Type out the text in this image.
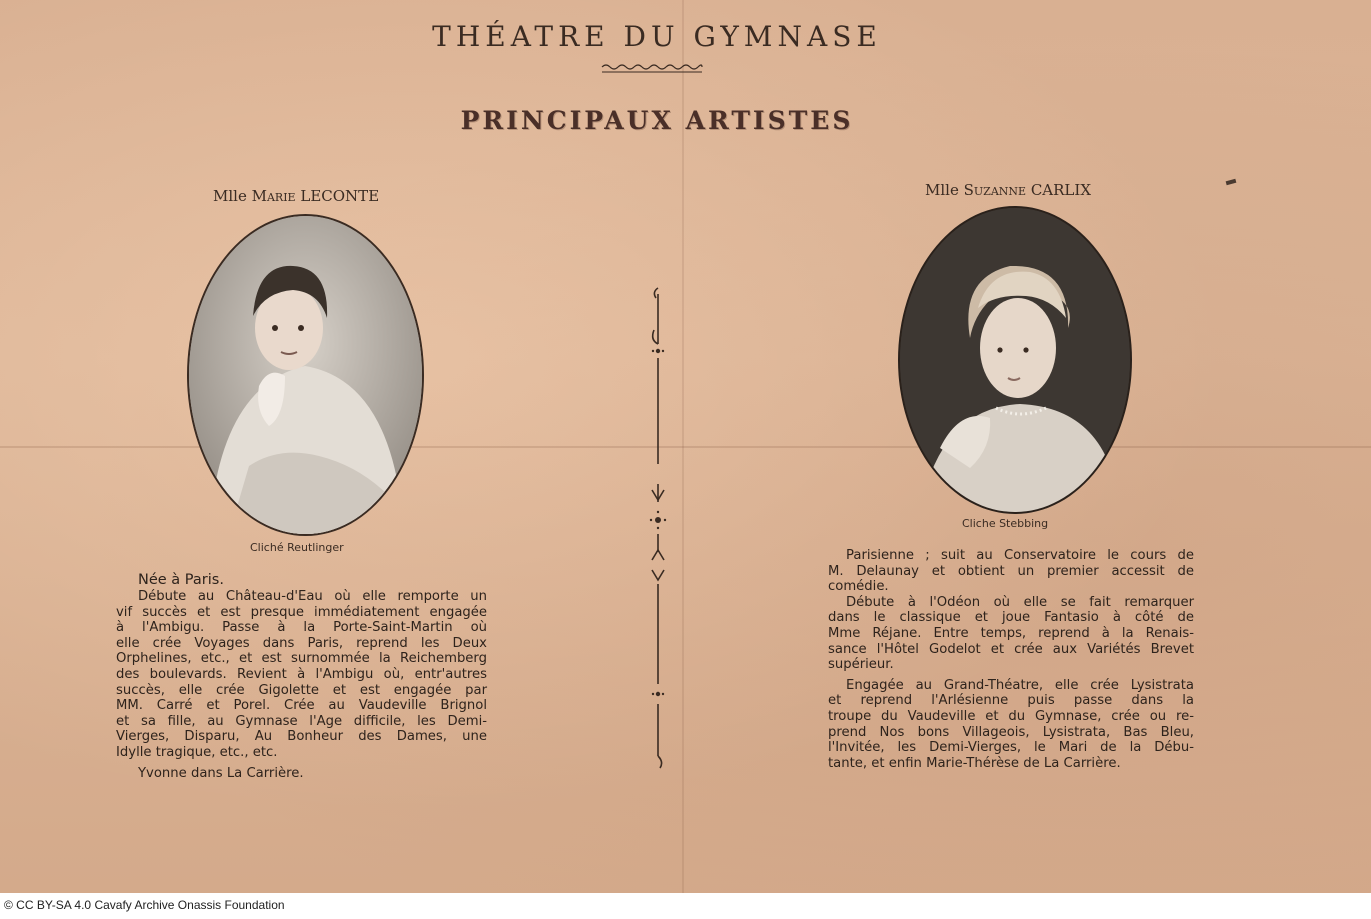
THÉATRE DU GYMNASE
PRINCIPAUX ARTISTES
Mlle Marie LECONTE
Cliché Reutlinger

Née à Paris.

Débute au Château-d'Eau où elle remporte un

vif succès et est presque immédiatement engagée

à l'Ambigu. Passe à la Porte-Saint-Martin où

elle crée Voyages dans Paris, reprend les Deux

Orphelines, etc., et est surnommée la Reichemberg

des boulevards. Revient à l'Ambigu où, entr'autres

succès, elle crée Gigolette et est engagée par

MM. Carré et Porel. Crée au Vaudeville Brignol

et sa fille, au Gymnase l'Age difficile, les Demi-

Vierges, Disparu, Au Bonheur des Dames, une

Idylle tragique, etc., etc.

Yvonne dans La Carrière.

Mlle Suzanne CARLIX
Cliche Stebbing

Parisienne ; suit au Conservatoire le cours de

M. Delaunay et obtient un premier accessit de

comédie.

Débute à l'Odéon où elle se fait remarquer

dans le classique et joue Fantasio à côté de

Mme Réjane. Entre temps, reprend à la Renais-

sance l'Hôtel Godelot et crée aux Variétés Brevet

supérieur.

Engagée au Grand-Théatre, elle crée Lysistrata

et reprend l'Arlésienne puis passe dans la

troupe du Vaudeville et du Gymnase, crée ou re-

prend Nos bons Villageois, Lysistrata, Bas Bleu,

l'Invitée, les Demi-Vierges, le Mari de la Débu-

tante, et enfin Marie-Thérèse de La Carrière.

© CC BY-SA 4.0 Cavafy Archive Onassis Foundation
